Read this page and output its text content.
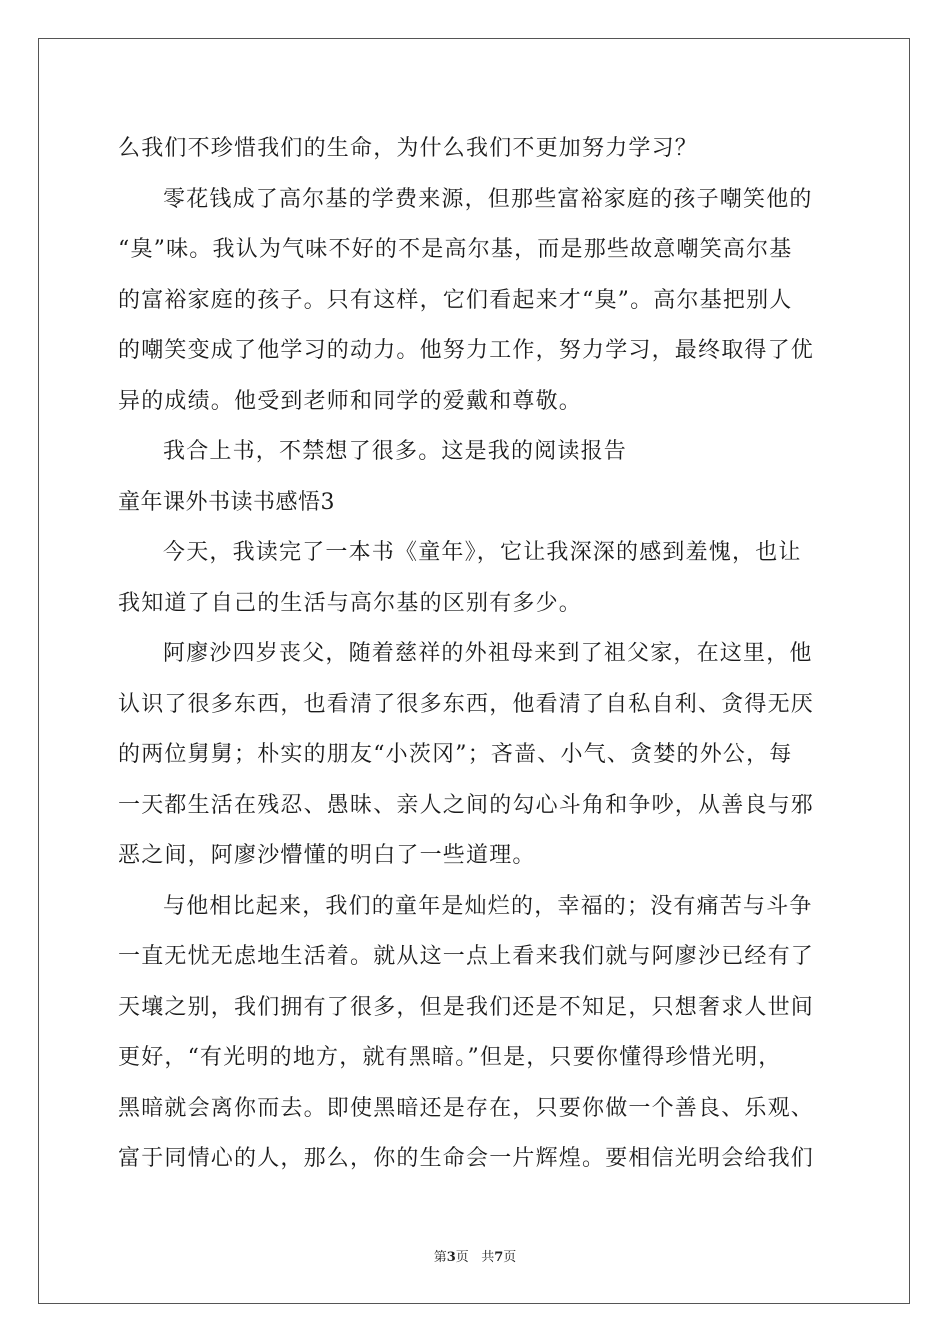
么我们不珍惜我们的生命，为什么我们不更加努力学习？
零花钱成了高尔基的学费来源，但那些富裕家庭的孩子嘲笑他的
“臭”味。我认为气味不好的不是高尔基，而是那些故意嘲笑高尔基
的富裕家庭的孩子。只有这样，它们看起来才“臭”。高尔基把别人
的嘲笑变成了他学习的动力。他努力工作，努力学习，最终取得了优
异的成绩。他受到老师和同学的爱戴和尊敬。
我合上书，不禁想了很多。这是我的阅读报告
童年课外书读书感悟3
今天，我读完了一本书《童年》，它让我深深的感到羞愧，也让
我知道了自己的生活与高尔基的区别有多少。
阿廖沙四岁丧父，随着慈祥的外祖母来到了祖父家，在这里，他
认识了很多东西，也看清了很多东西，他看清了自私自利、贪得无厌
的两位舅舅；朴实的朋友“小茨冈”；吝啬、小气、贪婪的外公，每
一天都生活在残忍、愚昧、亲人之间的勾心斗角和争吵，从善良与邪
恶之间，阿廖沙懵懂的明白了一些道理。
与他相比起来，我们的童年是灿烂的，幸福的；没有痛苦与斗争
一直无忧无虑地生活着。就从这一点上看来我们就与阿廖沙已经有了
天壤之别，我们拥有了很多，但是我们还是不知足，只想奢求人世间
更好，“有光明的地方，就有黑暗。”但是，只要你懂得珍惜光明，
黑暗就会离你而去。即使黑暗还是存在，只要你做一个善良、乐观、
富于同情心的人，那么，你的生命会一片辉煌。要相信光明会给我们
第3页 共7页
